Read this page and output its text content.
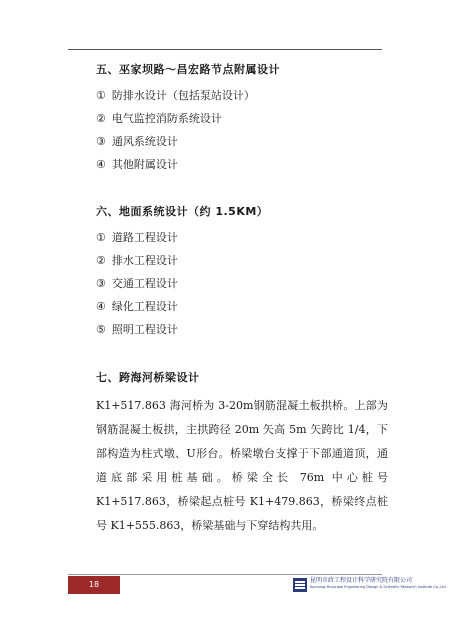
五、巫家坝路～昌宏路节点附属设计
① 防排水设计（包括泵站设计）
② 电气监控消防系统设计
③ 通风系统设计
④ 其他附属设计
六、地面系统设计（约 1.5KM）
① 道路工程设计
② 排水工程设计
③ 交通工程设计
④ 绿化工程设计
⑤ 照明工程设计
七、跨海河桥梁设计

K1+517.863 海河桥为 3-20m钢筋混凝土板拱桥。上部为钢筋混凝土板拱，主拱跨径 20m 矢高 5m 矢跨比 1/4，下部构造为柱式墩、U形台。桥梁墩台支撑于下部通道顶，通道底部采用桩基础。桥梁全长 76m 中心桩号 K1+517.863，桥梁起点桩号 K1+479.863，桥梁终点桩号 K1+555.863，桥梁基础与下穿结构共用。

18	昆明市政工程设计科学研究院有限公司
Kunming Municipal Engineering Design & Scientific Research Institute Co.,Ltd.
